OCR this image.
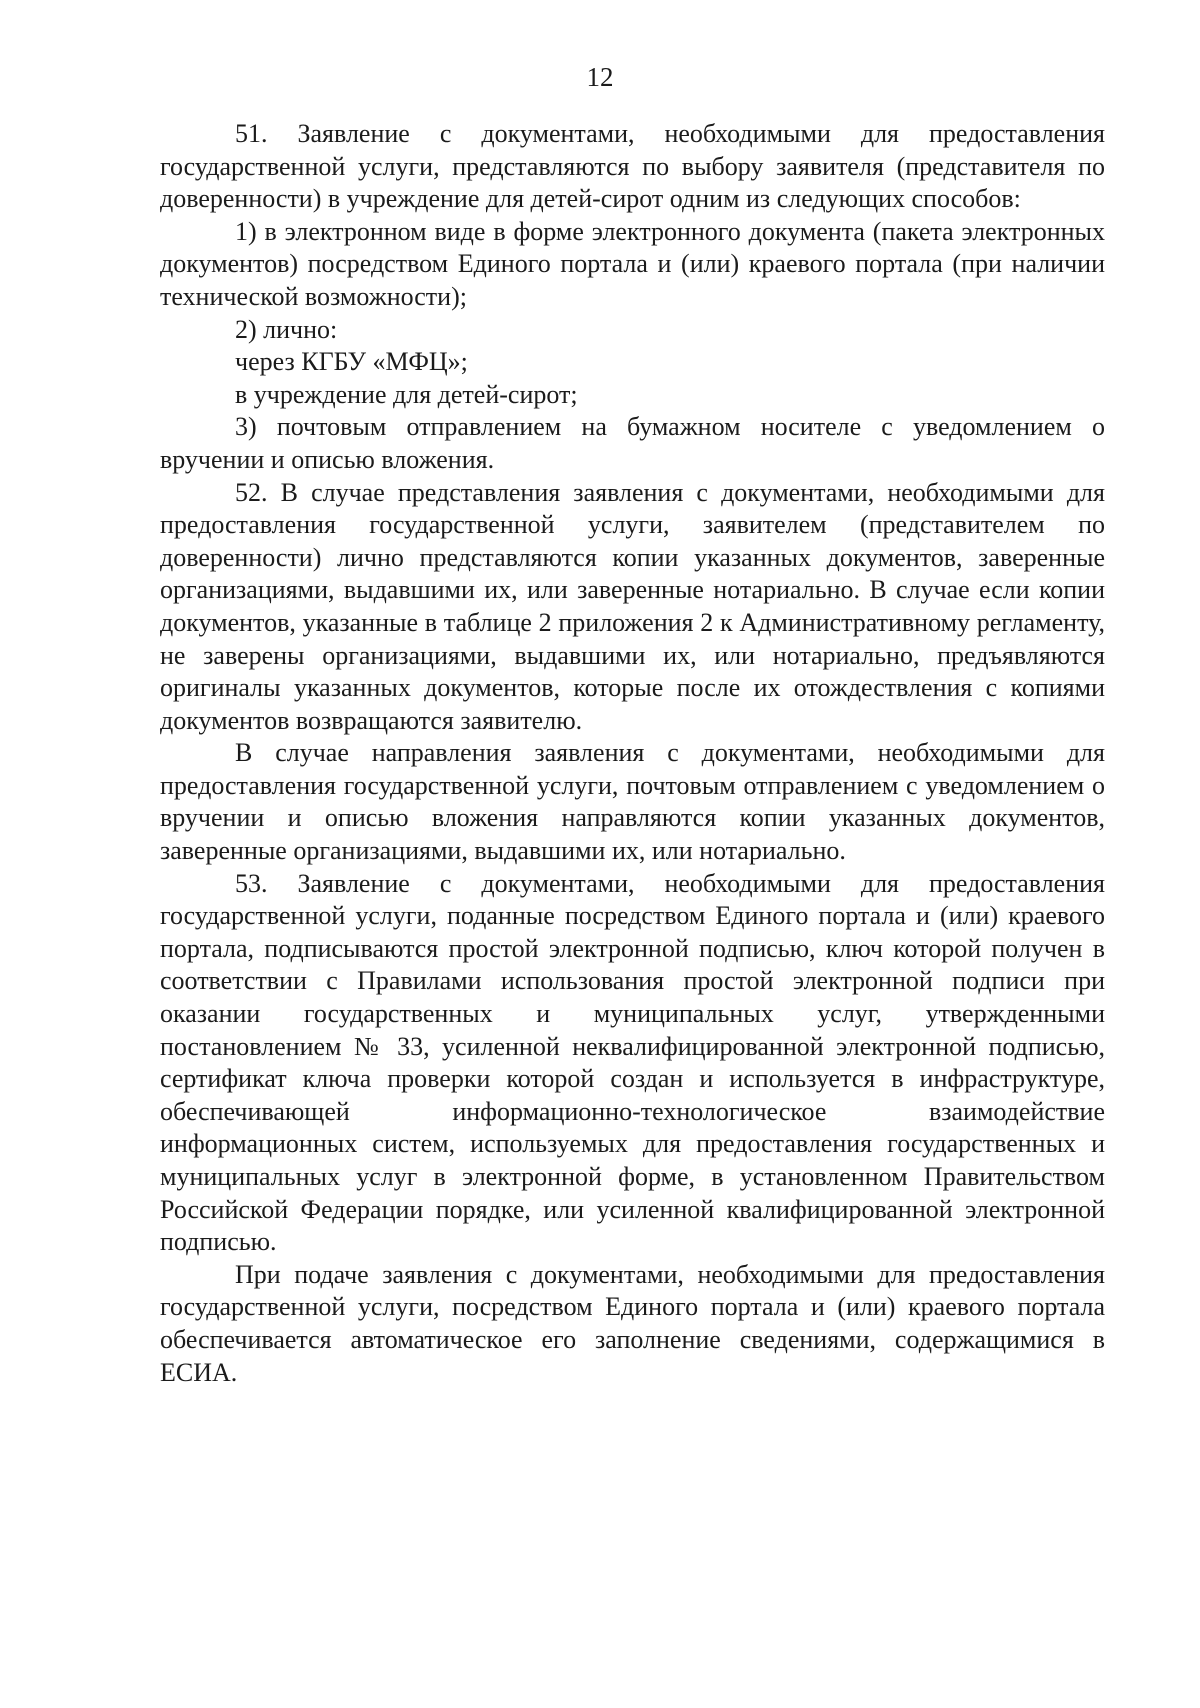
12

51. Заявление с документами, необходимыми для предоставления государственной услуги, представляются по выбору заявителя (представителя по доверенности) в учреждение для детей-сирот одним из следующих способов:

1) в электронном виде в форме электронного документа (пакета электронных документов) посредством Единого портала и (или) краевого портала (при наличии технической возможности);

2) лично:

через КГБУ «МФЦ»;

в учреждение для детей-сирот;

3) почтовым отправлением на бумажном носителе с уведомлением о вручении и описью вложения.

52. В случае представления заявления с документами, необходимыми для предоставления государственной услуги, заявителем (представителем по доверенности) лично представляются копии указанных документов, заверенные организациями, выдавшими их, или заверенные нотариально. В случае если копии документов, указанные в таблице 2 приложения 2 к Административному регламенту, не заверены организациями, выдавшими их, или нотариально, предъявляются оригиналы указанных документов, которые после их отождествления с копиями документов возвращаются заявителю.

В случае направления заявления с документами, необходимыми для предоставления государственной услуги, почтовым отправлением с уведомлением о вручении и описью вложения направляются копии указанных документов, заверенные организациями, выдавшими их, или нотариально.

53. Заявление с документами, необходимыми для предоставления государственной услуги, поданные посредством Единого портала и (или) краевого портала, подписываются простой электронной подписью, ключ которой получен в соответствии с Правилами использования простой электронной подписи при оказании государственных и муниципальных услуг, утвержденными постановлением № 33, усиленной неквалифицированной электронной подписью, сертификат ключа проверки которой создан и используется в инфраструктуре, обеспечивающей информационно-технологическое взаимодействие информационных систем, используемых для предоставления государственных и муниципальных услуг в электронной форме, в установленном Правительством Российской Федерации порядке, или усиленной квалифицированной электронной подписью.

При подаче заявления с документами, необходимыми для предоставления государственной услуги, посредством Единого портала и (или) краевого портала обеспечивается автоматическое его заполнение сведениями, содержащимися в ЕСИА.
